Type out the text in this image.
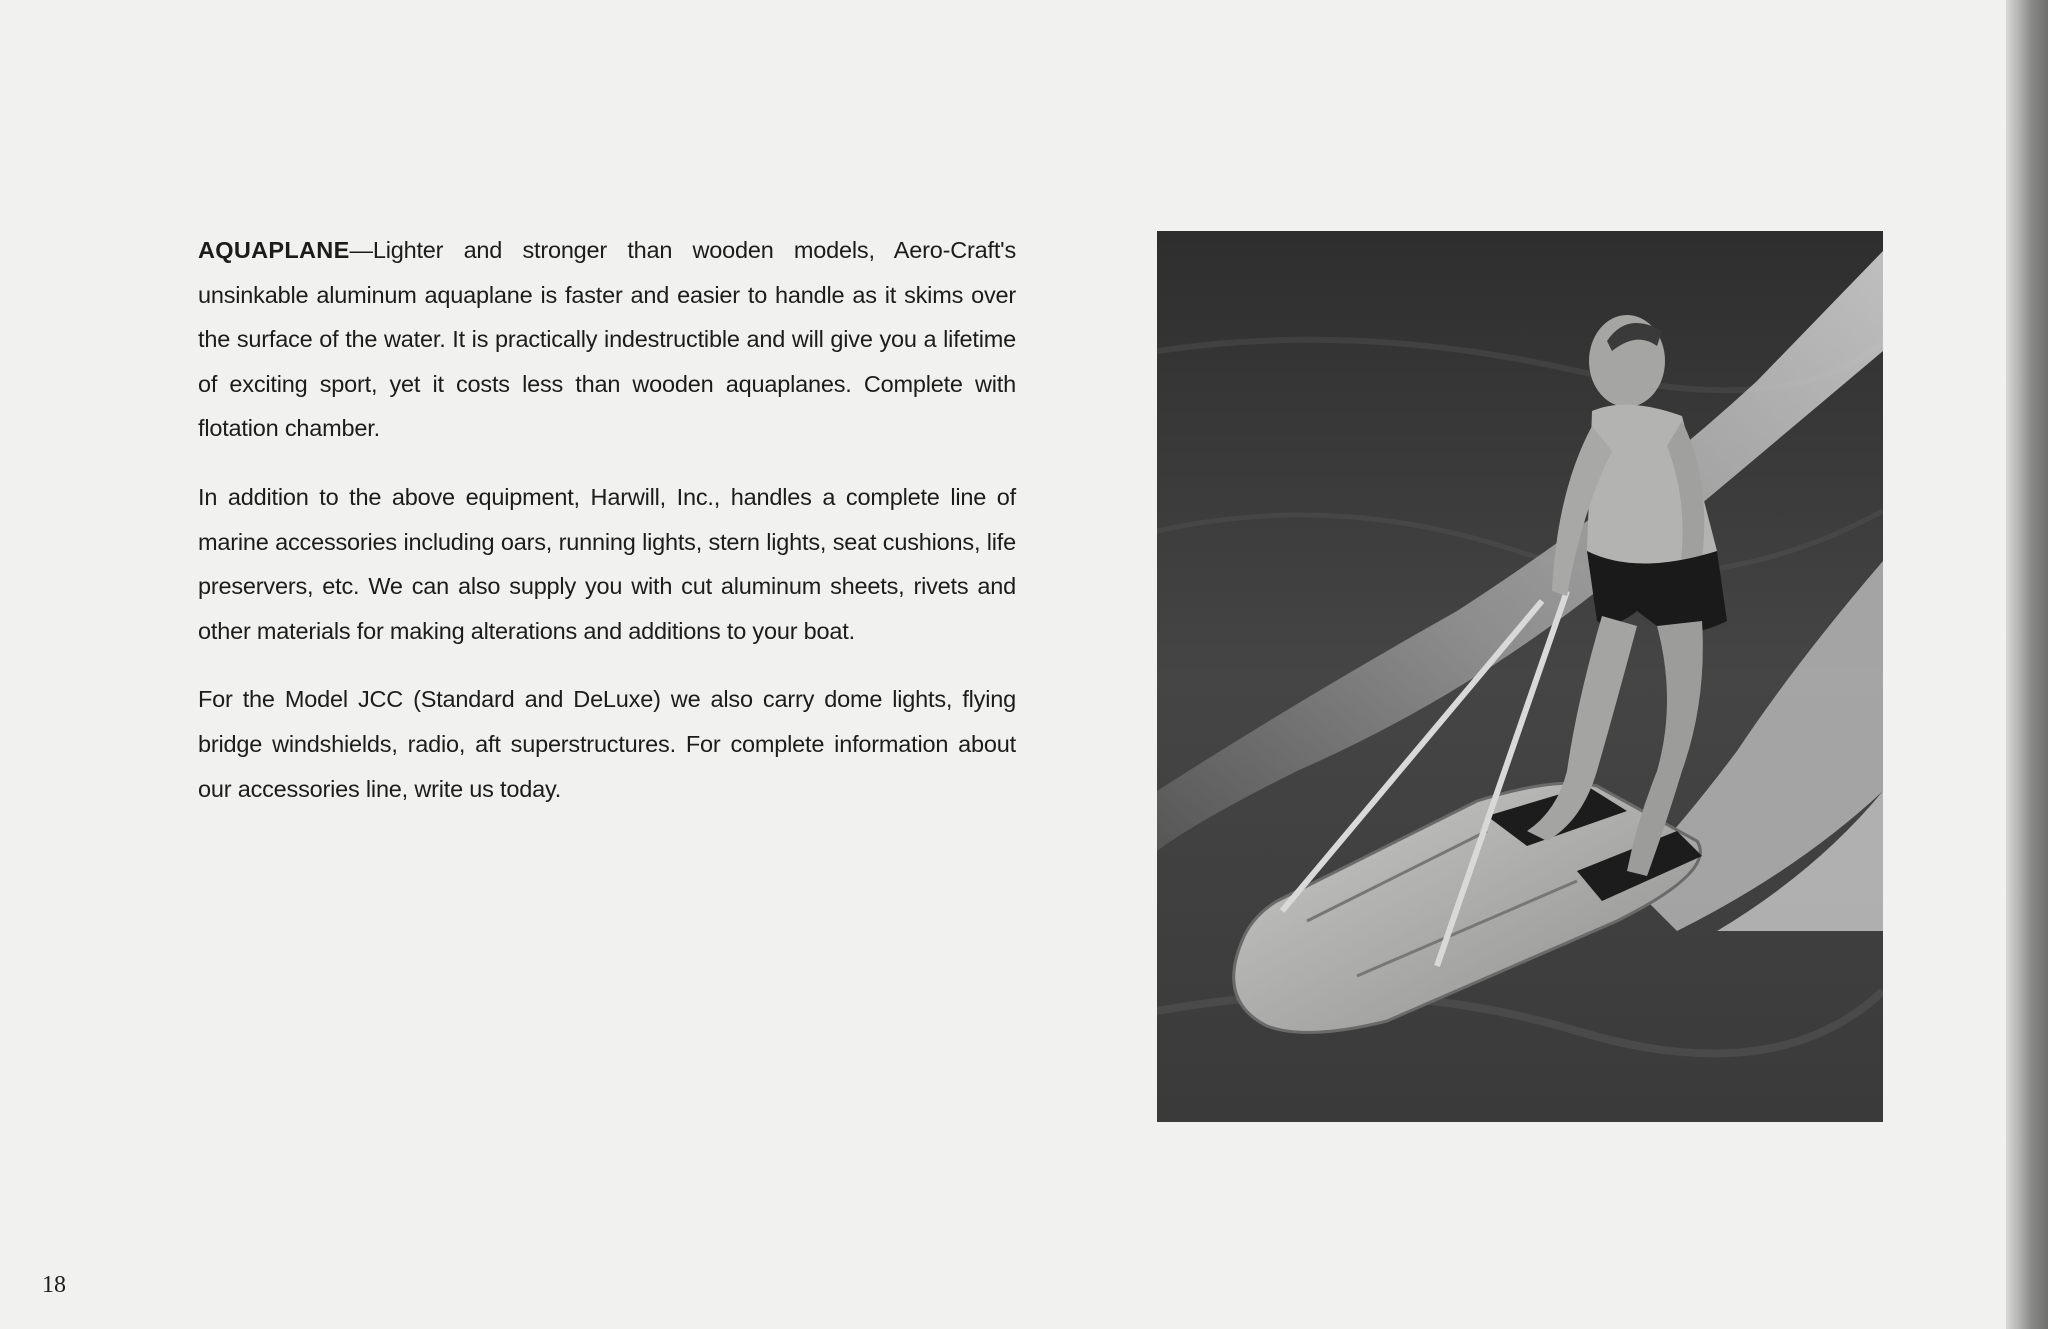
AQUAPLANE—Lighter and stronger than wooden models, Aero-Craft's unsinkable aluminum aquaplane is faster and easier to handle as it skims over the surface of the water. It is practically indestructible and will give you a lifetime of exciting sport, yet it costs less than wooden aquaplanes. Complete with flotation chamber.

In addition to the above equipment, Harwill, Inc., handles a complete line of marine accessories including oars, running lights, stern lights, seat cushions, life preservers, etc. We can also supply you with cut aluminum sheets, rivets and other materials for making alterations and additions to your boat.

For the Model JCC (Standard and DeLuxe) we also carry dome lights, flying bridge windshields, radio, aft superstructures. For complete information about our accessories line, write us today.

18
